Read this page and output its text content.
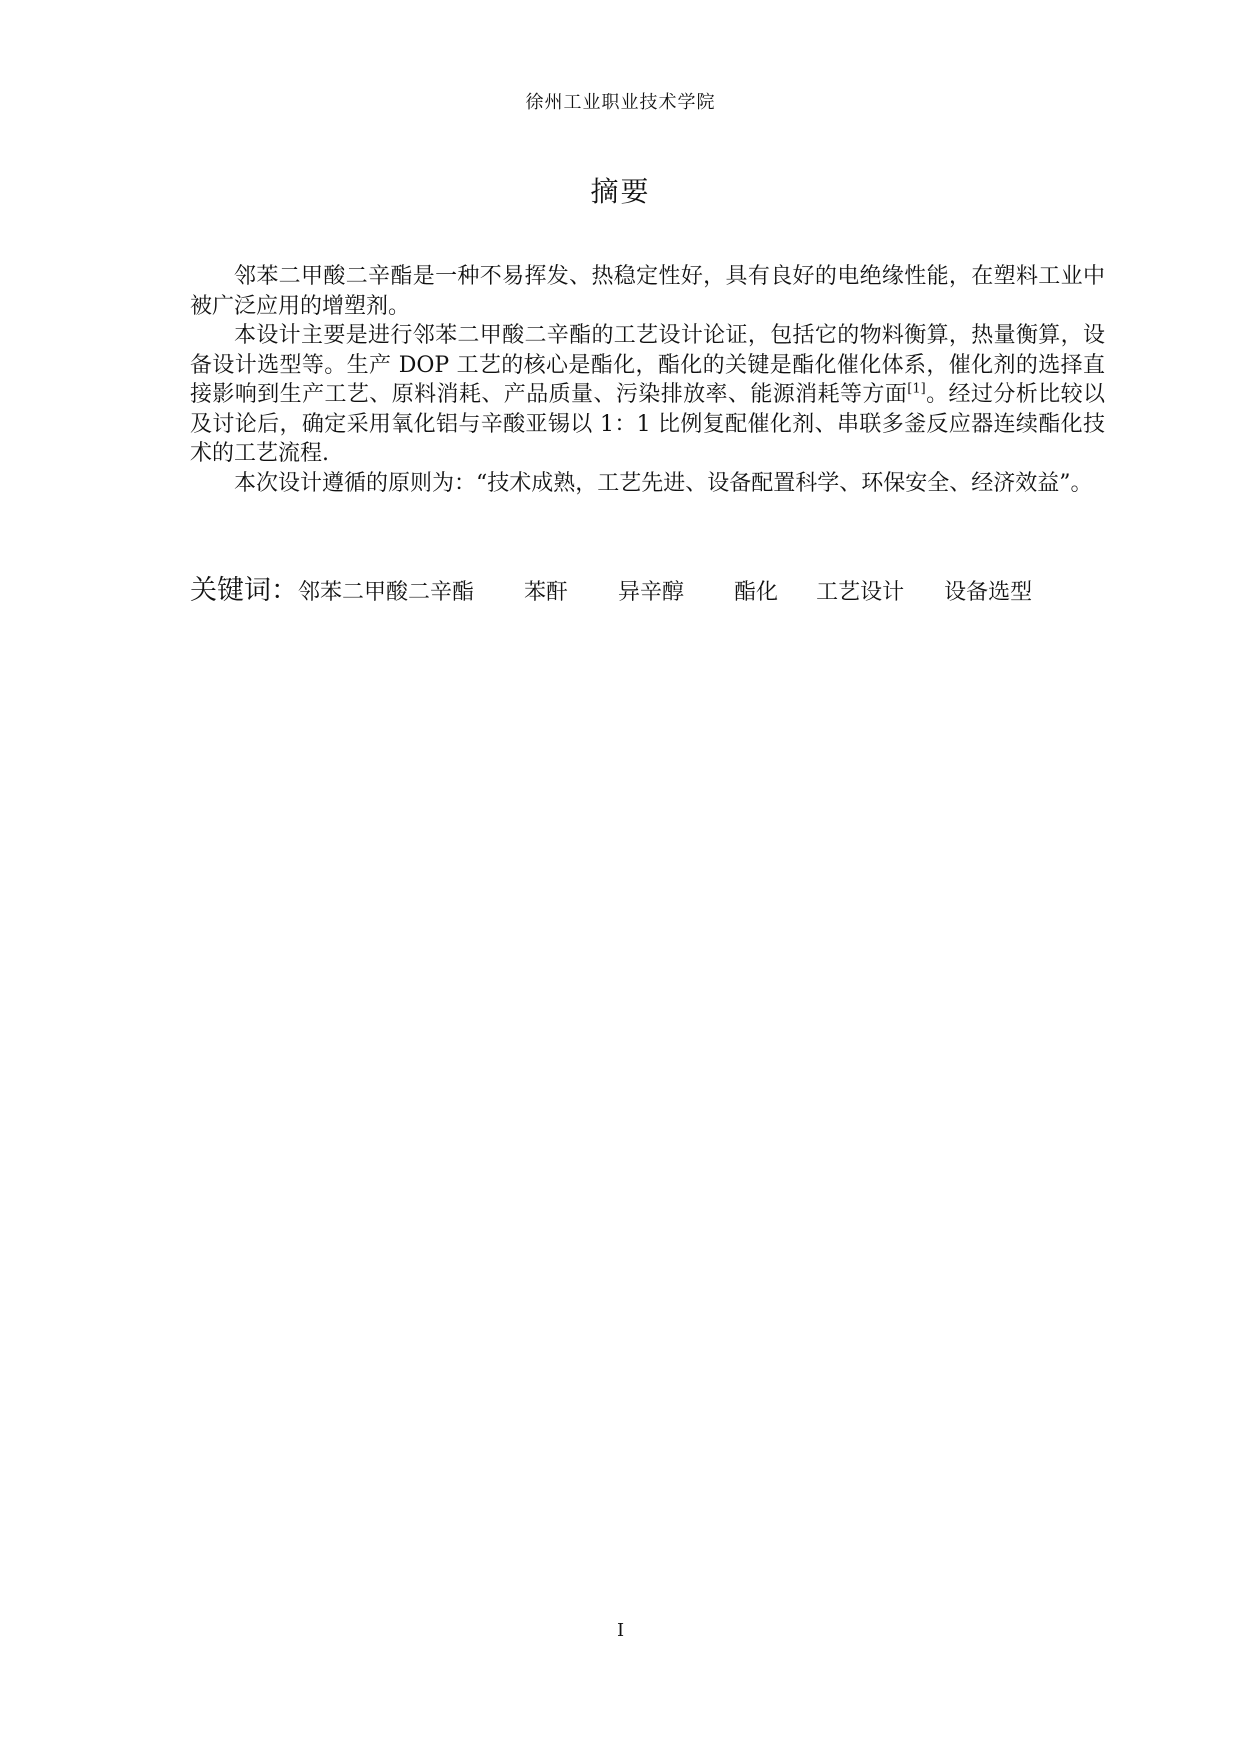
徐州工业职业技术学院
摘要

邻苯二甲酸二辛酯是一种不易挥发、热稳定性好，具有良好的电绝缘性能，在塑料工业中被广泛应用的增塑剂。

本设计主要是进行邻苯二甲酸二辛酯的工艺设计论证，包括它的物料衡算，热量衡算，设备设计选型等。生产 DOP 工艺的核心是酯化，酯化的关键是酯化催化体系，催化剂的选择直接影响到生产工艺、原料消耗、产品质量、污染排放率、能源消耗等方面[1]。经过分析比较以及讨论后，确定采用氧化铝与辛酸亚锡以 1：1 比例复配催化剂、串联多釜反应器连续酯化技术的工艺流程.

本次设计遵循的原则为：“技术成熟，工艺先进、设备配置科学、环保安全、经济效益”。

关键词： 邻苯二甲酸二辛酯 苯酐 异辛醇 酯化 工艺设计 设备选型
I
